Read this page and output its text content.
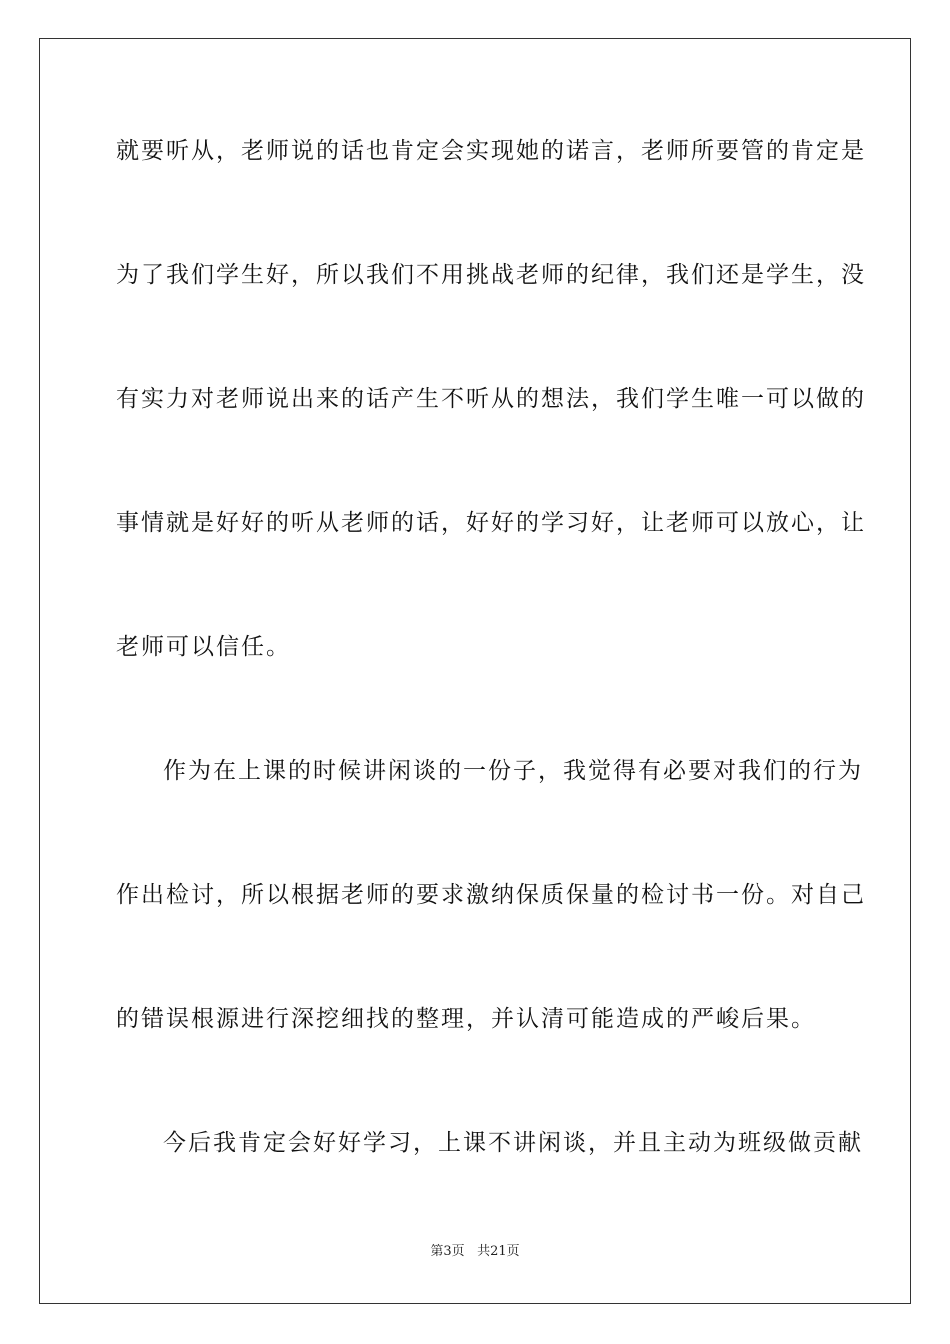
就要听从，老师说的话也肯定会实现她的诺言，老师所要管的肯定是
为了我们学生好，所以我们不用挑战老师的纪律，我们还是学生，没
有实力对老师说出来的话产生不听从的想法，我们学生唯一可以做的
事情就是好好的听从老师的话，好好的学习好，让老师可以放心，让
老师可以信任。
作为在上课的时候讲闲谈的一份子，我觉得有必要对我们的行为
作出检讨，所以根据老师的要求激纳保质保量的检讨书一份。对自己
的错误根源进行深挖细找的整理，并认清可能造成的严峻后果。
今后我肯定会好好学习，上课不讲闲谈，并且主动为班级做贡献
第3页 共21页
